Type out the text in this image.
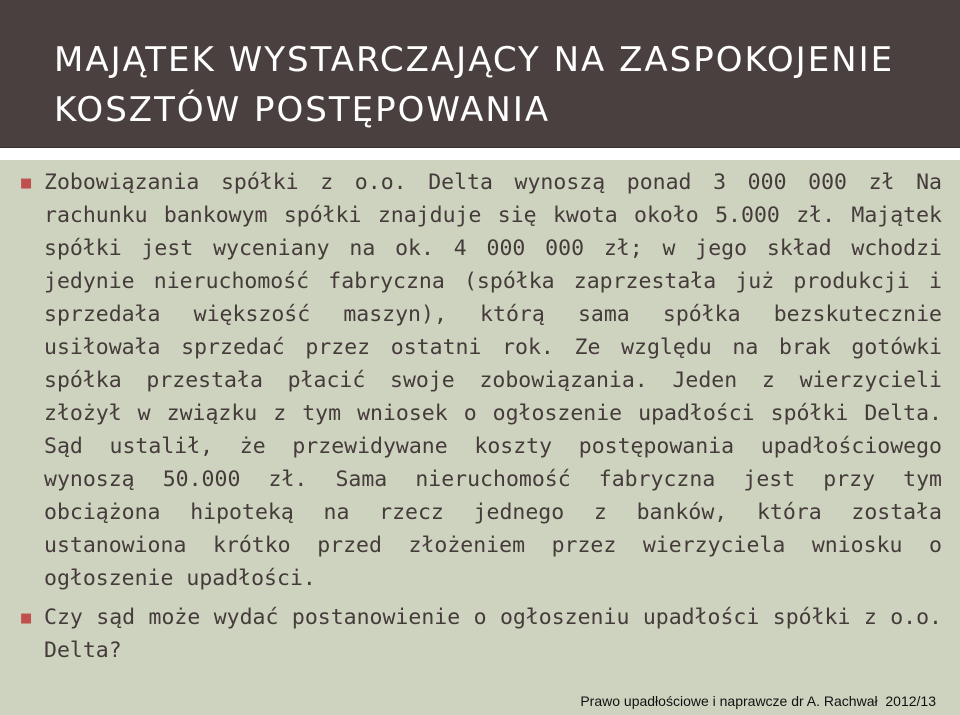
MAJĄTEK WYSTARCZAJĄCY NA ZASPOKOJENIE KOSZTÓW POSTĘPOWANIA
■ Zobowiązania spółki z o.o. Delta wynoszą ponad 3 000 000 zł Na rachunku bankowym spółki znajduje się kwota około 5.000 zł. Majątek spółki jest wyceniany na ok. 4 000 000 zł; w jego skład wchodzi jedynie nieruchomość fabryczna (spółka zaprzestała już produkcji i sprzedała większość maszyn), którą sama spółka bezskutecznie usiłowała sprzedać przez ostatni rok. Ze względu na brak gotówki spółka przestała płacić swoje zobowiązania. Jeden z wierzycieli złożył w związku z tym wniosek o ogłoszenie upadłości spółki Delta. Sąd ustalił, że przewidywane koszty postępowania upadłościowego wynoszą 50.000 zł. Sama nieruchomość fabryczna jest przy tym obciążona hipoteką na rzecz jednego z banków, która została ustanowiona krótko przed złożeniem przez wierzyciela wniosku o ogłoszenie upadłości.
■ Czy sąd może wydać postanowienie o ogłoszeniu upadłości spółki z o.o. Delta?
Prawo upadłościowe i naprawcze dr A. Rachwał 2012/13
